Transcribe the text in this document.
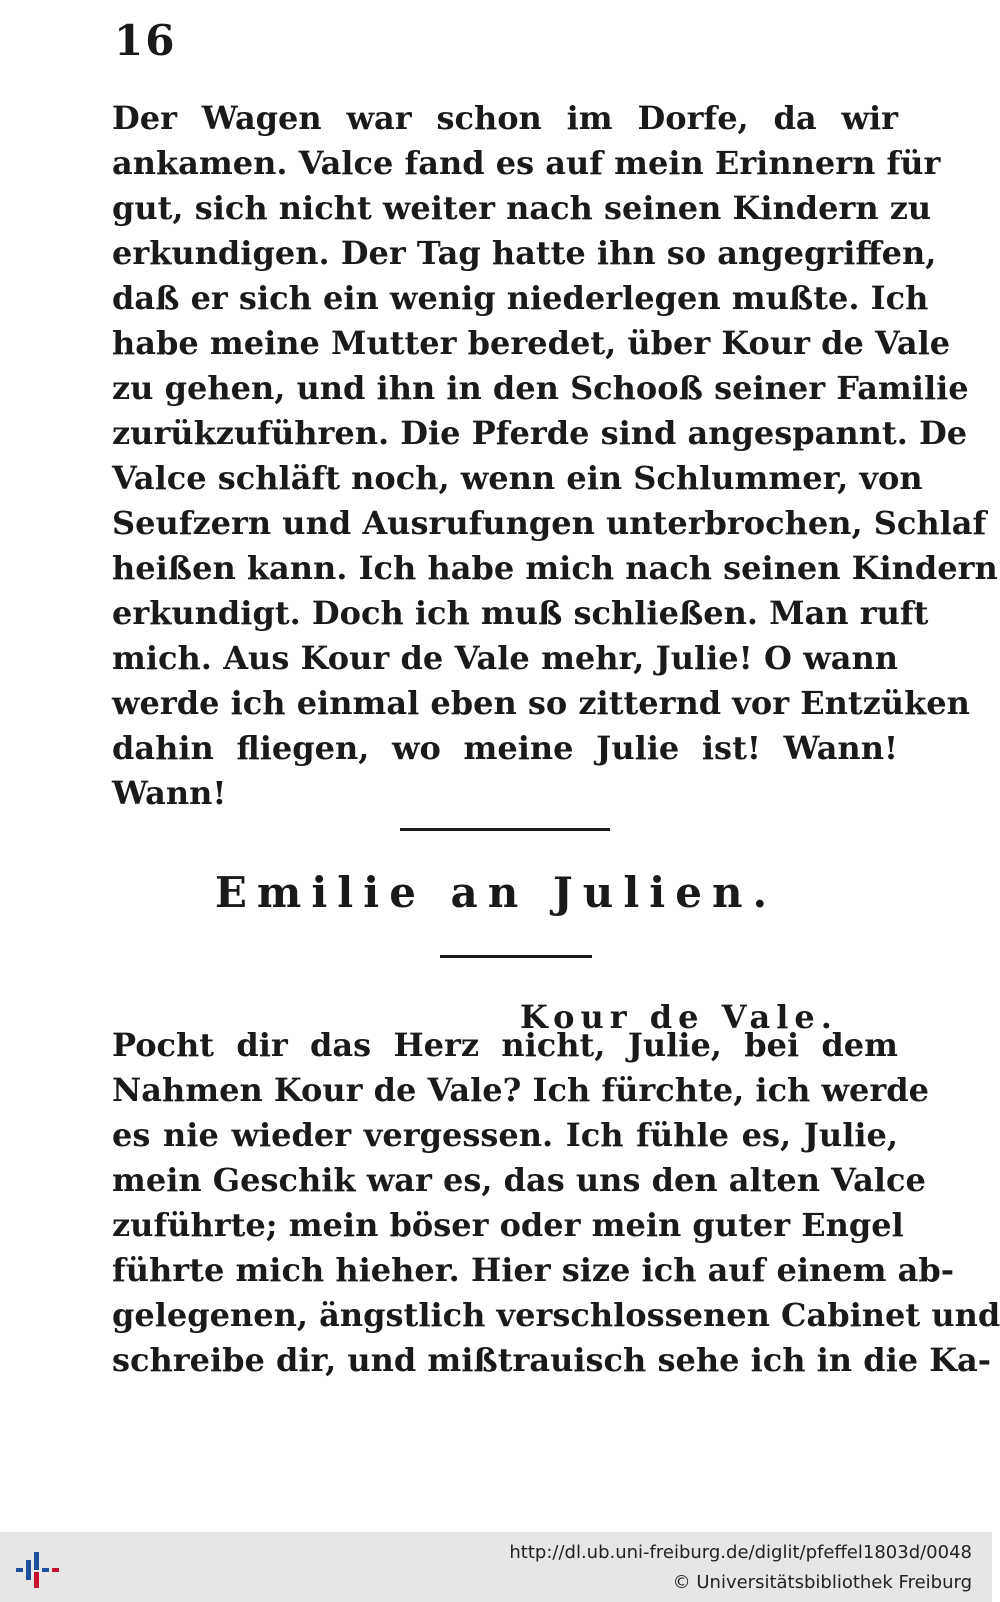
16
Der Wagen war schon im Dorfe, da wir
ankamen. Valce fand es auf mein Erinnern für
gut, sich nicht weiter nach seinen Kindern zu
erkundigen. Der Tag hatte ihn so angegriffen,
daß er sich ein wenig niederlegen mußte. Ich
habe meine Mutter beredet, über Kour de Vale
zu gehen, und ihn in den Schooß seiner Familie
zurükzuführen. Die Pferde sind angespannt. De
Valce schläft noch, wenn ein Schlummer, von
Seufzern und Ausrufungen unterbrochen, Schlaf
heißen kann. Ich habe mich nach seinen Kindern
erkundigt. Doch ich muß schließen. Man ruft
mich. Aus Kour de Vale mehr, Julie! O wann
werde ich einmal eben so zitternd vor Entzüken
dahin fliegen, wo meine Julie ist! Wann!
Wann!
Emilie an Julien.
Kour de Vale.
Pocht dir das Herz nicht, Julie, bei dem
Nahmen Kour de Vale? Ich fürchte, ich werde
es nie wieder vergessen. Ich fühle es, Julie,
mein Geschik war es, das uns den alten Valce
zuführte; mein böser oder mein guter Engel
führte mich hieher. Hier size ich auf einem ab-
gelegenen, ängstlich verschlossenen Cabinet und
schreibe dir, und mißtrauisch sehe ich in die Ka-
http://dl.ub.uni-freiburg.de/diglit/pfeffel1803d/0048
© Universitätsbibliothek Freiburg
